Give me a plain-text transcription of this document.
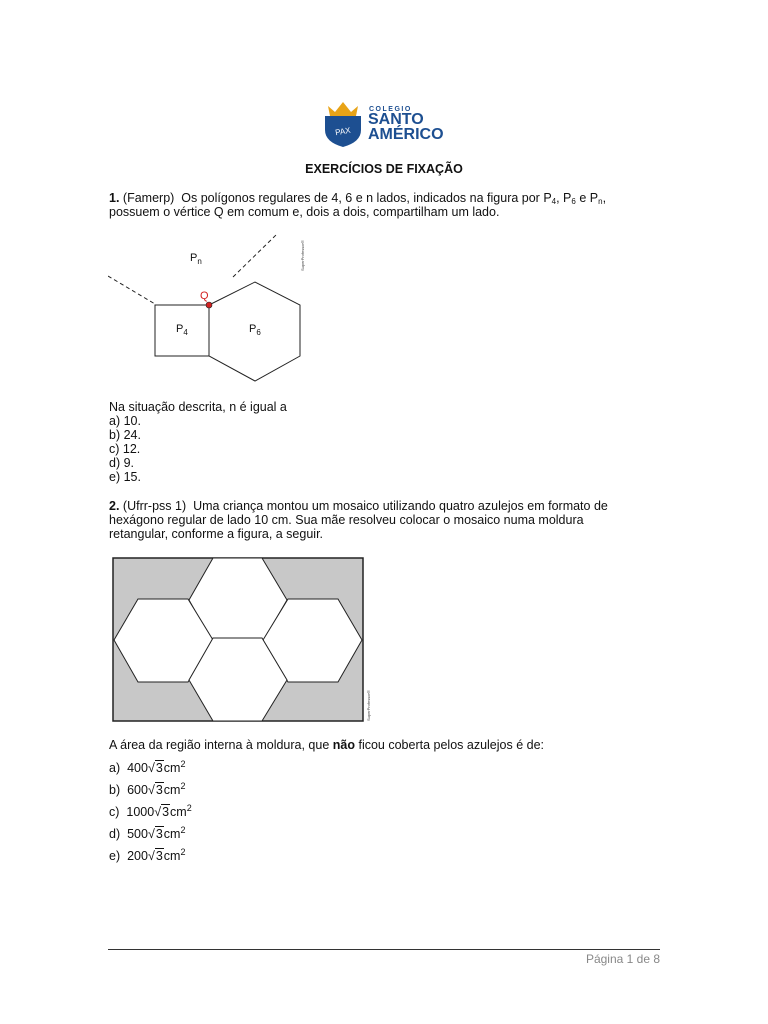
PAX
COLEGIO
SANTO
AMÉRICO
EXERCÍCIOS DE FIXAÇÃO
1. (Famerp) Os polígonos regulares de 4, 6 e n lados, indicados na figura por $P_4$, $P_6$ e $P_n$,
possuem o vértice Q em comum e, dois a dois, compartilham um lado.
$P_n$
Q
$P_4$	$P_6$
SuperProfessor®
Na situação descrita, n é igual a
a) 10.
b) 24.
c) 12.
d) 9.
e) 15.
2. (Ufrr-pss 1) Uma criança montou um mosaico utilizando quatro azulejos em formato de
hexágono regular de lado 10 cm. Sua mãe resolveu colocar o mosaico numa moldura
retangular, conforme a figura, a seguir.
SuperProfessor®
A área da região interna à moldura, que não ficou coberta pelos azulejos é de:
a) $400√3cm^2$
b) $600√3cm^2$
c) $1000√3cm^2$
d) $500√3cm^2$
e) $200√3cm^2$
Página 1 de 8
